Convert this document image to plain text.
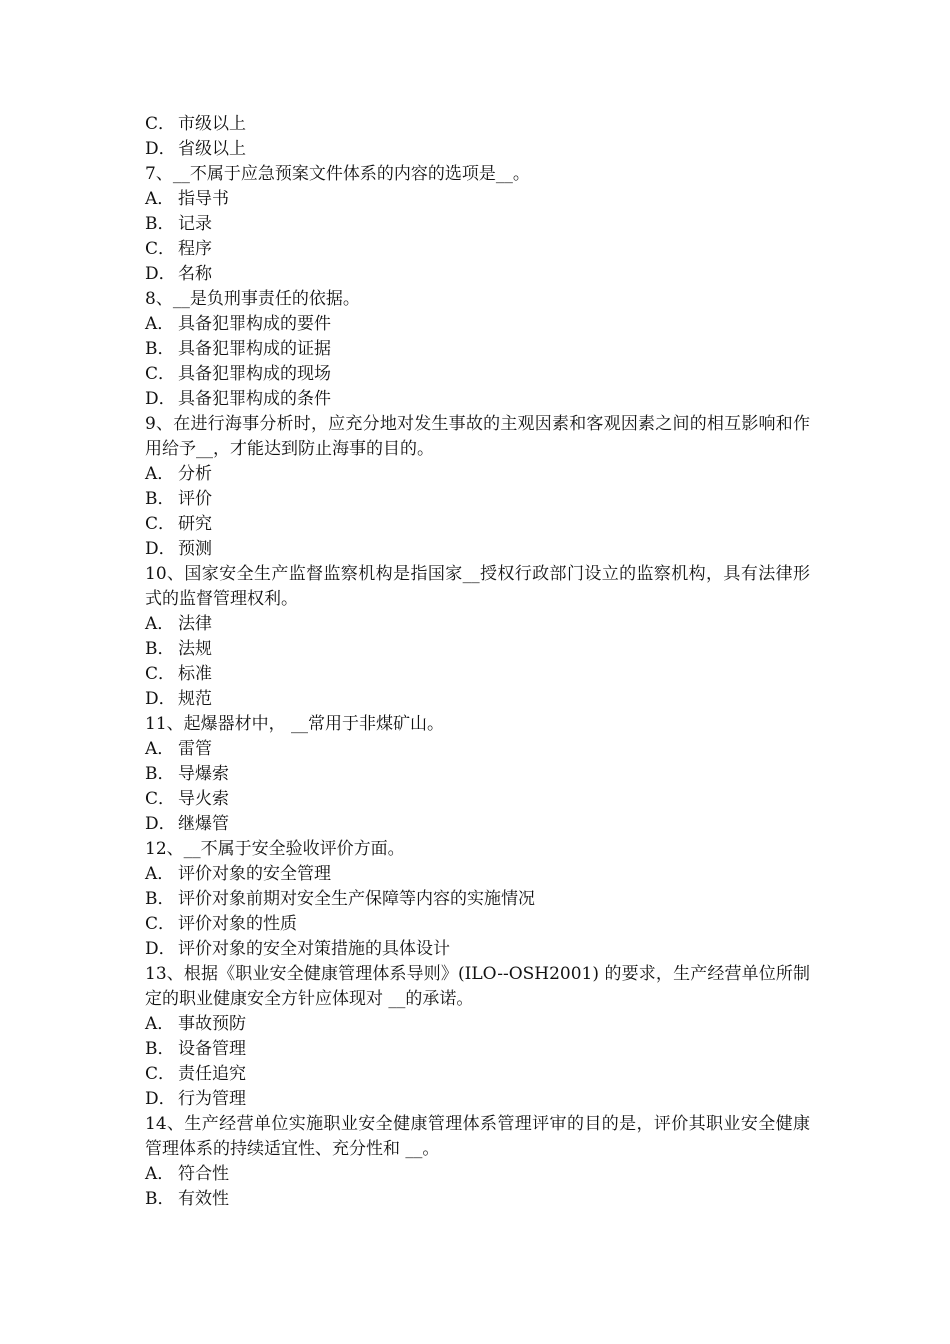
C． 市级以上
D． 省级以上
7、__不属于应急预案文件体系的内容的选项是__。
A． 指导书
B． 记录
C． 程序
D． 名称
8、__是负刑事责任的依据。
A． 具备犯罪构成的要件
B． 具备犯罪构成的证据
C． 具备犯罪构成的现场
D． 具备犯罪构成的条件
9、在进行海事分析时，应充分地对发生事故的主观因素和客观因素之间的相互影响和作用给予__，才能达到防止海事的目的。
A． 分析
B． 评价
C． 研究
D． 预测
10、国家安全生产监督监察机构是指国家__授权行政部门设立的监察机构，具有法律形式的监督管理权利。
A． 法律
B． 法规
C． 标准
D． 规范
11、起爆器材中， __常用于非煤矿山。
A． 雷管
B． 导爆索
C． 导火索
D． 继爆管
12、__不属于安全验收评价方面。
A． 评价对象的安全管理
B． 评价对象前期对安全生产保障等内容的实施情况
C． 评价对象的性质
D． 评价对象的安全对策措施的具体设计
13、根据《职业安全健康管理体系导则》(ILO--OSH2001) 的要求，生产经营单位所制定的职业健康安全方针应体现对 __的承诺。
A． 事故预防
B． 设备管理
C． 责任追究
D． 行为管理
14、生产经营单位实施职业安全健康管理体系管理评审的目的是，评价其职业安全健康管理体系的持续适宜性、充分性和 __。
A． 符合性
B． 有效性
